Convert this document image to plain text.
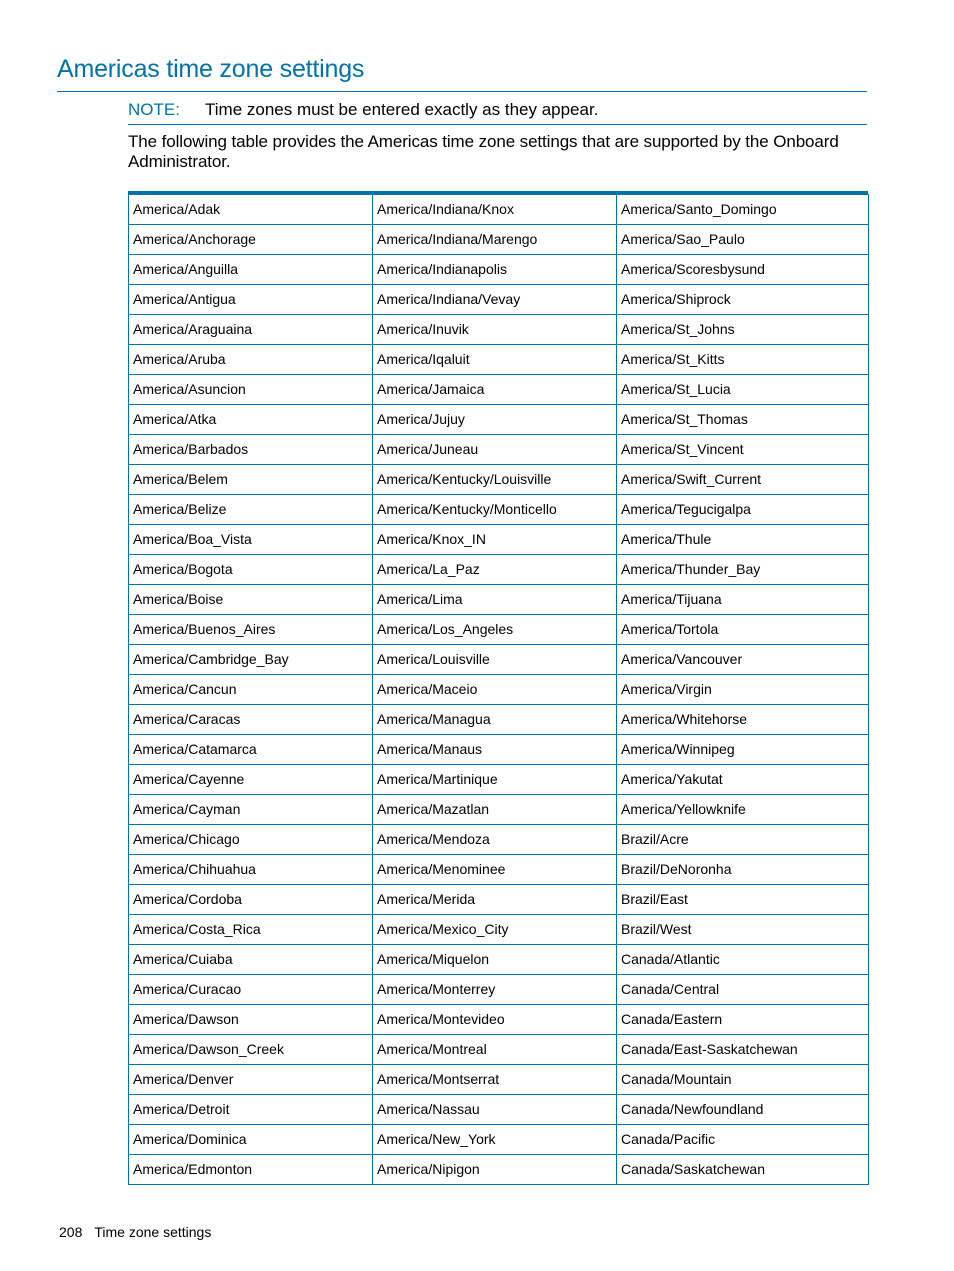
Americas time zone settings
NOTE: Time zones must be entered exactly as they appear.

The following table provides the Americas time zone settings that are supported by the Onboard Administrator.

America/Adak	America/Indiana/Knox	America/Santo_Domingo
America/Anchorage	America/Indiana/Marengo	America/Sao_Paulo
America/Anguilla	America/Indianapolis	America/Scoresbysund
America/Antigua	America/Indiana/Vevay	America/Shiprock
America/Araguaina	America/Inuvik	America/St_Johns
America/Aruba	America/Iqaluit	America/St_Kitts
America/Asuncion	America/Jamaica	America/St_Lucia
America/Atka	America/Jujuy	America/St_Thomas
America/Barbados	America/Juneau	America/St_Vincent
America/Belem	America/Kentucky/Louisville	America/Swift_Current
America/Belize	America/Kentucky/Monticello	America/Tegucigalpa
America/Boa_Vista	America/Knox_IN	America/Thule
America/Bogota	America/La_Paz	America/Thunder_Bay
America/Boise	America/Lima	America/Tijuana
America/Buenos_Aires	America/Los_Angeles	America/Tortola
America/Cambridge_Bay	America/Louisville	America/Vancouver
America/Cancun	America/Maceio	America/Virgin
America/Caracas	America/Managua	America/Whitehorse
America/Catamarca	America/Manaus	America/Winnipeg
America/Cayenne	America/Martinique	America/Yakutat
America/Cayman	America/Mazatlan	America/Yellowknife
America/Chicago	America/Mendoza	Brazil/Acre
America/Chihuahua	America/Menominee	Brazil/DeNoronha
America/Cordoba	America/Merida	Brazil/East
America/Costa_Rica	America/Mexico_City	Brazil/West
America/Cuiaba	America/Miquelon	Canada/Atlantic
America/Curacao	America/Monterrey	Canada/Central
America/Dawson	America/Montevideo	Canada/Eastern
America/Dawson_Creek	America/Montreal	Canada/East-Saskatchewan
America/Denver	America/Montserrat	Canada/Mountain
America/Detroit	America/Nassau	Canada/Newfoundland
America/Dominica	America/New_York	Canada/Pacific
America/Edmonton	America/Nipigon	Canada/Saskatchewan
208 Time zone settings
